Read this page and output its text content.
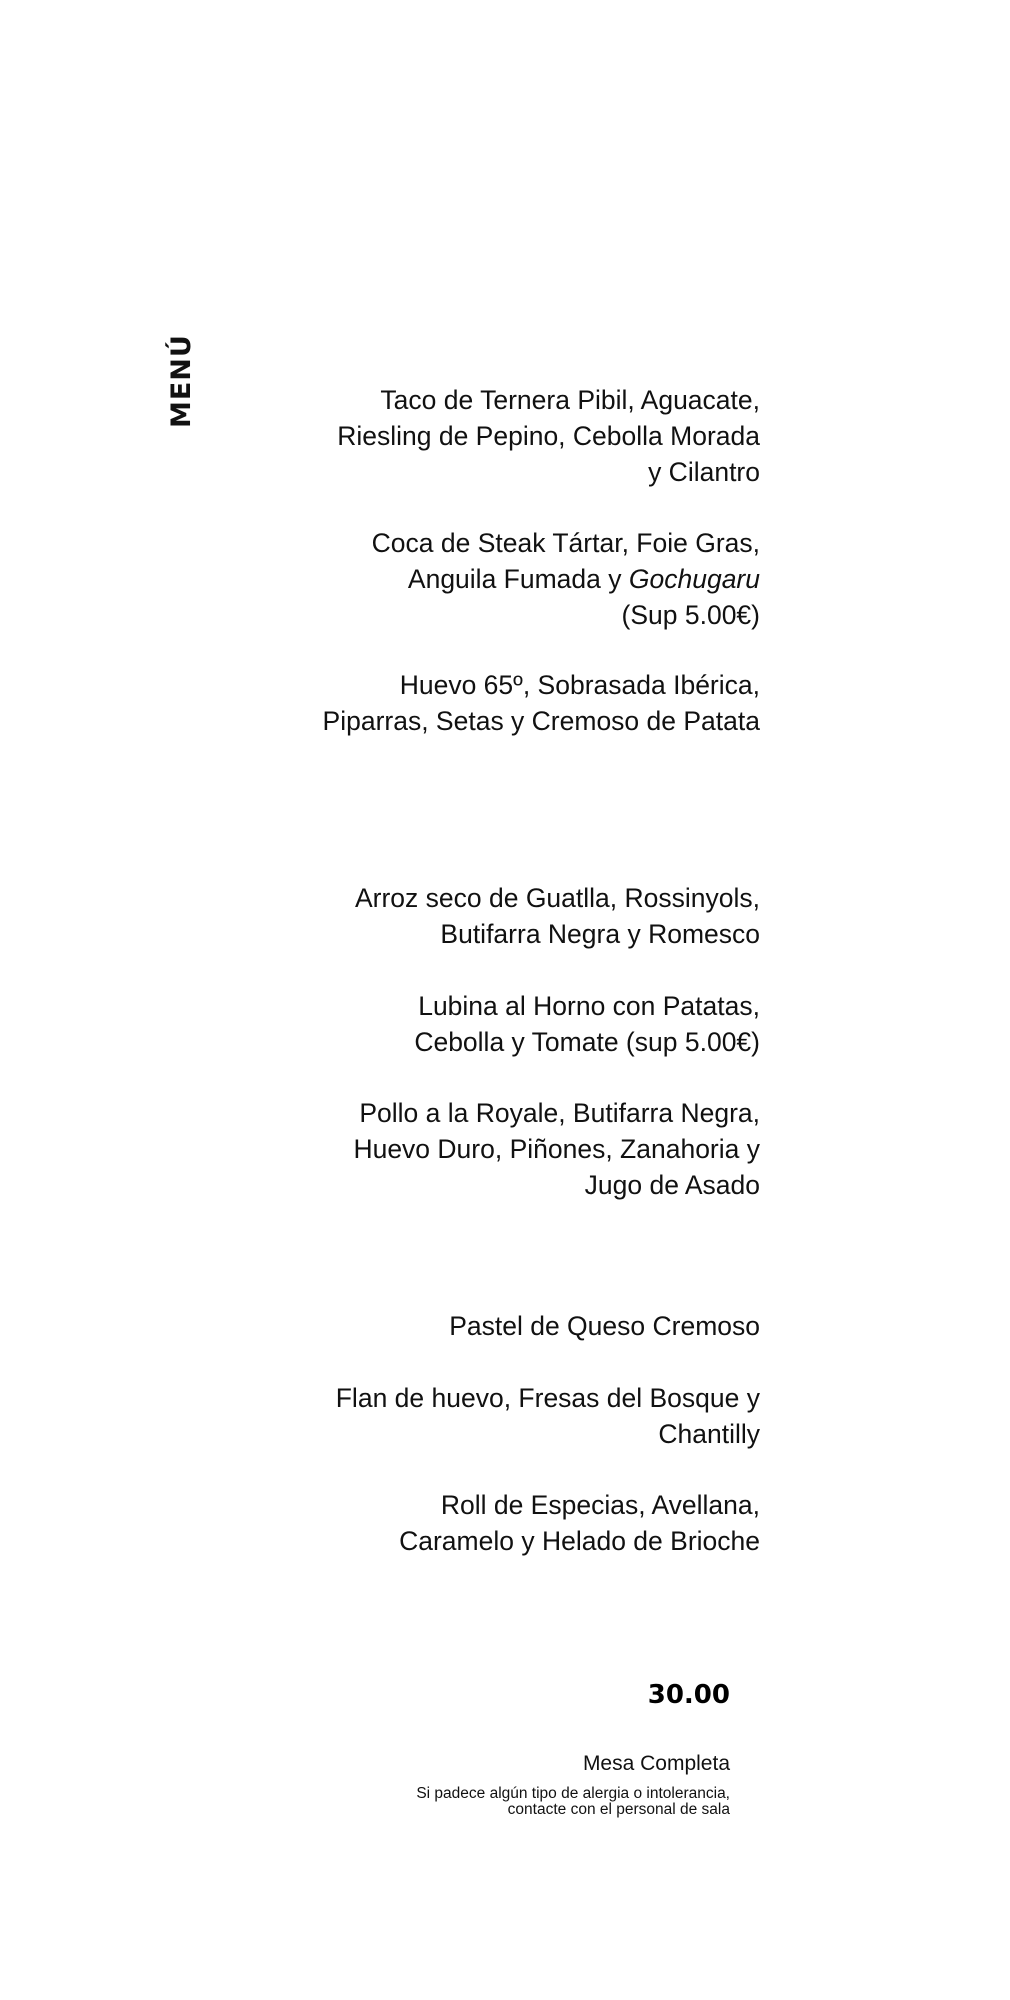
MENÚ	Taco de Ternera Pibil, Aguacate,
Riesling de Pepino, Cebolla Morada
y Cilantro
Coca de Steak Tártar, Foie Gras,
Anguila Fumada y Gochugaru
(Sup 5.00€)
Huevo 65º, Sobrasada Ibérica,
Piparras, Setas y Cremoso de Patata
Arroz seco de Guatlla, Rossinyols,
Butifarra Negra y Romesco
Lubina al Horno con Patatas,
Cebolla y Tomate (sup 5.00€)
Pollo a la Royale, Butifarra Negra,
Huevo Duro, Piñones, Zanahoria y
Jugo de Asado
Pastel de Queso Cremoso
Flan de huevo, Fresas del Bosque y
Chantilly
Roll de Especias, Avellana,
Caramelo y Helado de Brioche
30.00
Mesa Completa
Si padece algún tipo de alergia o intolerancia,
contacte con el personal de sala
